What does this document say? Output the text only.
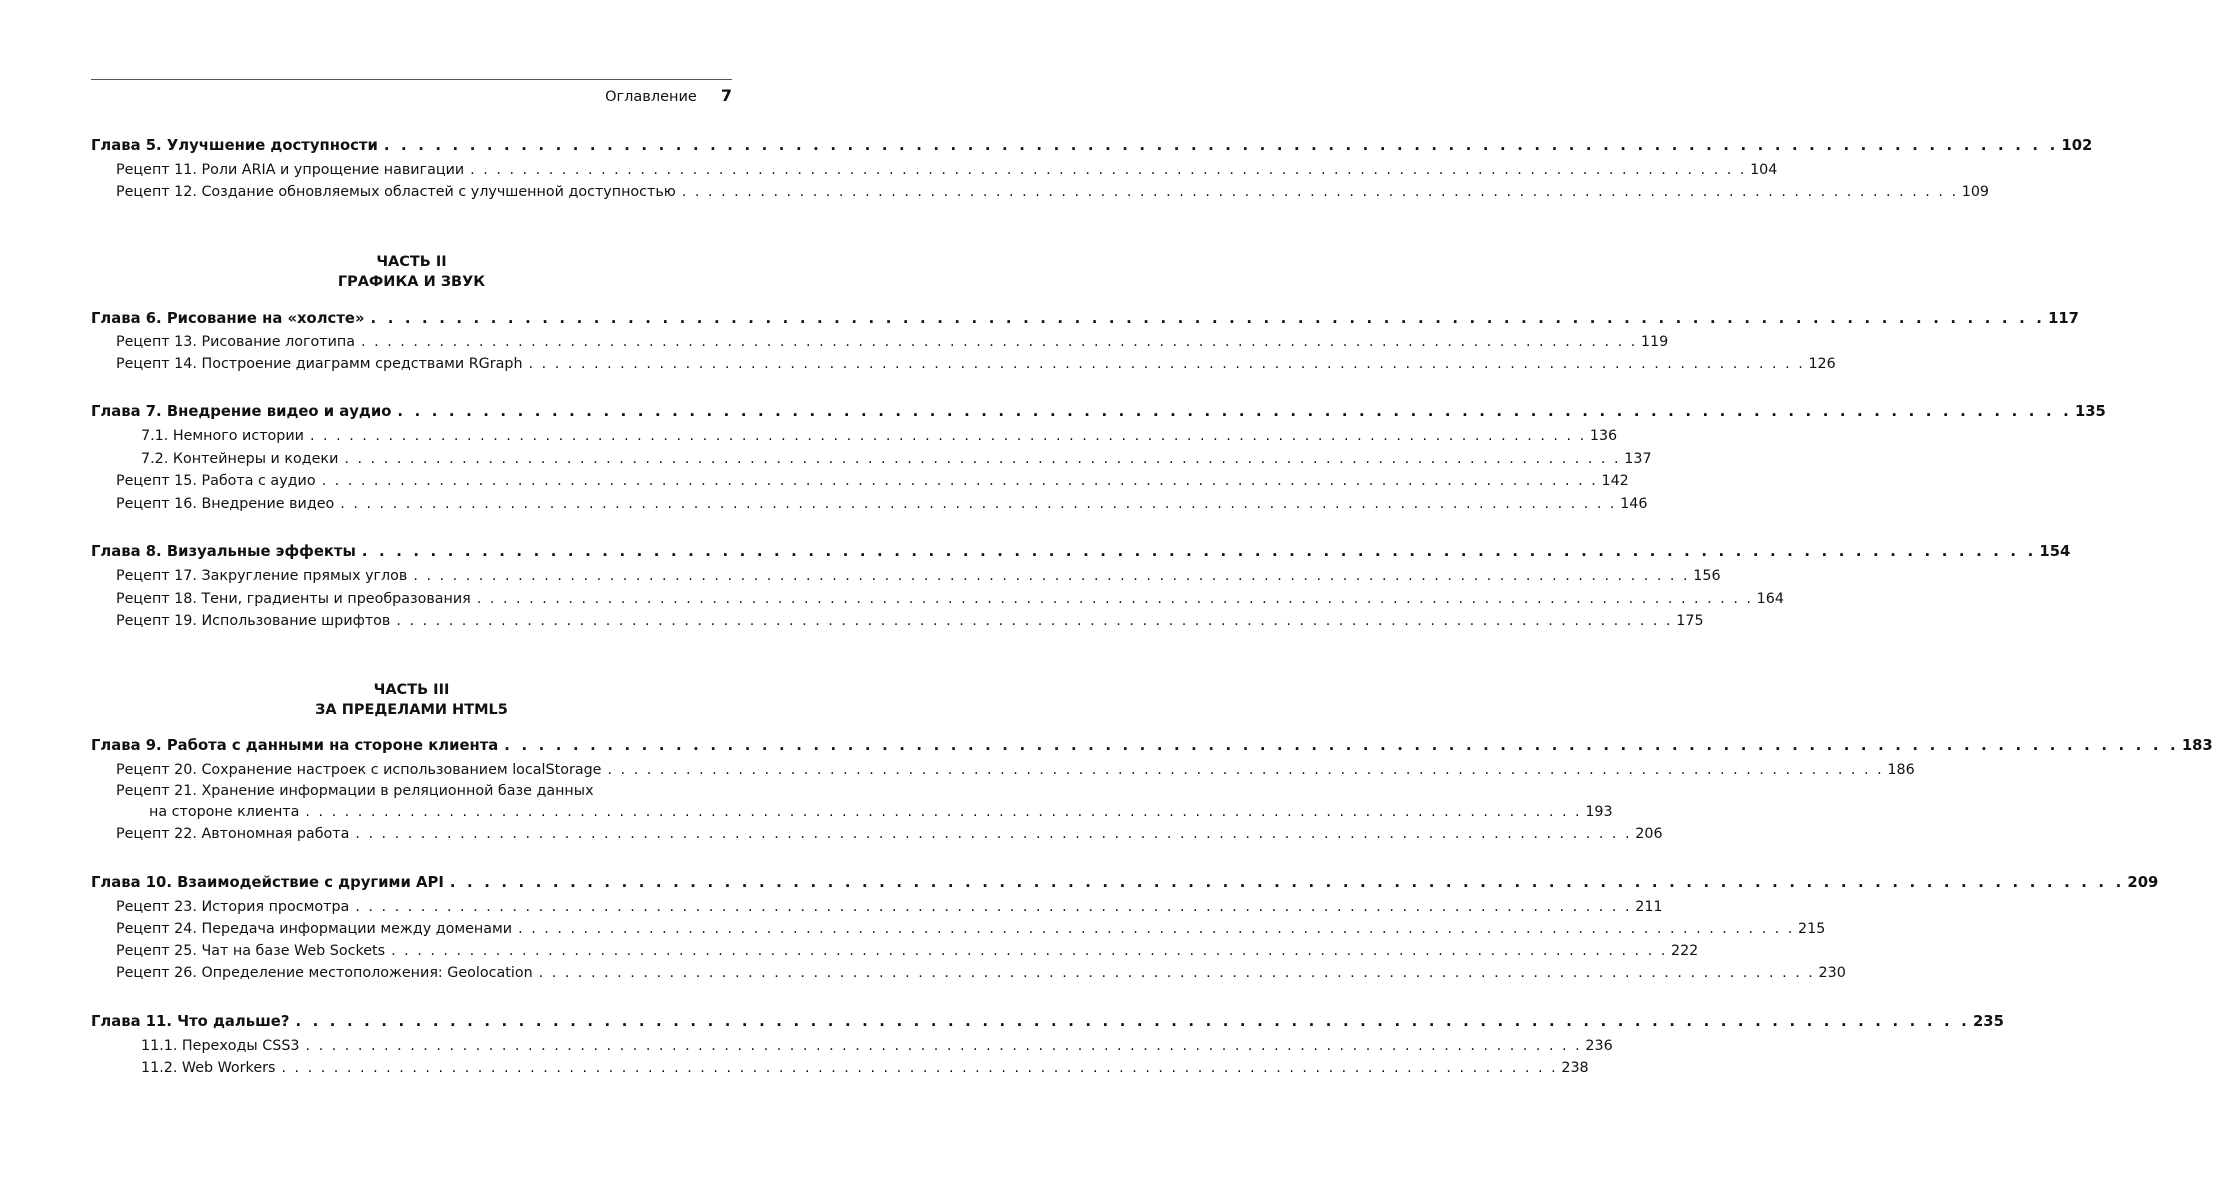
Оглавление 7
Глава 5. Улучшение доступности . . . . . . . . . . . . . . . . . . . . . . . . . . . . . . . . . . . . . . . . . . . . . . . . . . . . . . . . . . . . . . . . . . . . . . . . . . . . . . . . . . . . . . . . . . . . . . . . . . 102
Рецепт 11. Роли ARIA и упрощение навигации . . . . . . . . . . . . . . . . . . . . . . . . . . . . . . . . . . . . . . . . . . . . . . . . . . . . . . . . . . . . . . . . . . . . . . . . . . . . . . . . . . . . . . . . . . . . . . . . . . 104
Рецепт 12. Создание обновляемых областей с улучшенной доступностью . . . . . . . . . . . . . . . . . . . . . . . . . . . . . . . . . . . . . . . . . . . . . . . . . . . . . . . . . . . . . . . . . . . . . . . . . . . . . . . . . . . . . . . . . . . . . . . . . . 109
ЧАСТЬ II
ГРАФИКА И ЗВУК
Глава 6. Рисование на «холсте» . . . . . . . . . . . . . . . . . . . . . . . . . . . . . . . . . . . . . . . . . . . . . . . . . . . . . . . . . . . . . . . . . . . . . . . . . . . . . . . . . . . . . . . . . . . . . . . . . . 117
Рецепт 13. Рисование логотипа . . . . . . . . . . . . . . . . . . . . . . . . . . . . . . . . . . . . . . . . . . . . . . . . . . . . . . . . . . . . . . . . . . . . . . . . . . . . . . . . . . . . . . . . . . . . . . . . . . 119
Рецепт 14. Построение диаграмм средствами RGraph . . . . . . . . . . . . . . . . . . . . . . . . . . . . . . . . . . . . . . . . . . . . . . . . . . . . . . . . . . . . . . . . . . . . . . . . . . . . . . . . . . . . . . . . . . . . . . . . . . 126
Глава 7. Внедрение видео и аудио . . . . . . . . . . . . . . . . . . . . . . . . . . . . . . . . . . . . . . . . . . . . . . . . . . . . . . . . . . . . . . . . . . . . . . . . . . . . . . . . . . . . . . . . . . . . . . . . . . 135
7.1. Немного истории . . . . . . . . . . . . . . . . . . . . . . . . . . . . . . . . . . . . . . . . . . . . . . . . . . . . . . . . . . . . . . . . . . . . . . . . . . . . . . . . . . . . . . . . . . . . . . . . . . 136
7.2. Контейнеры и кодеки . . . . . . . . . . . . . . . . . . . . . . . . . . . . . . . . . . . . . . . . . . . . . . . . . . . . . . . . . . . . . . . . . . . . . . . . . . . . . . . . . . . . . . . . . . . . . . . . . . 137
Рецепт 15. Работа с аудио . . . . . . . . . . . . . . . . . . . . . . . . . . . . . . . . . . . . . . . . . . . . . . . . . . . . . . . . . . . . . . . . . . . . . . . . . . . . . . . . . . . . . . . . . . . . . . . . . . 142
Рецепт 16. Внедрение видео . . . . . . . . . . . . . . . . . . . . . . . . . . . . . . . . . . . . . . . . . . . . . . . . . . . . . . . . . . . . . . . . . . . . . . . . . . . . . . . . . . . . . . . . . . . . . . . . . . 146
Глава 8. Визуальные эффекты . . . . . . . . . . . . . . . . . . . . . . . . . . . . . . . . . . . . . . . . . . . . . . . . . . . . . . . . . . . . . . . . . . . . . . . . . . . . . . . . . . . . . . . . . . . . . . . . . . 154
Рецепт 17. Закругление прямых углов . . . . . . . . . . . . . . . . . . . . . . . . . . . . . . . . . . . . . . . . . . . . . . . . . . . . . . . . . . . . . . . . . . . . . . . . . . . . . . . . . . . . . . . . . . . . . . . . . . 156
Рецепт 18. Тени, градиенты и преобразования . . . . . . . . . . . . . . . . . . . . . . . . . . . . . . . . . . . . . . . . . . . . . . . . . . . . . . . . . . . . . . . . . . . . . . . . . . . . . . . . . . . . . . . . . . . . . . . . . . 164
Рецепт 19. Использование шрифтов . . . . . . . . . . . . . . . . . . . . . . . . . . . . . . . . . . . . . . . . . . . . . . . . . . . . . . . . . . . . . . . . . . . . . . . . . . . . . . . . . . . . . . . . . . . . . . . . . . 175
ЧАСТЬ III
ЗА ПРЕДЕЛАМИ HTML5
Глава 9. Работа с данными на стороне клиента . . . . . . . . . . . . . . . . . . . . . . . . . . . . . . . . . . . . . . . . . . . . . . . . . . . . . . . . . . . . . . . . . . . . . . . . . . . . . . . . . . . . . . . . . . . . . . . . . . 183
Рецепт 20. Сохранение настроек с использованием localStorage . . . . . . . . . . . . . . . . . . . . . . . . . . . . . . . . . . . . . . . . . . . . . . . . . . . . . . . . . . . . . . . . . . . . . . . . . . . . . . . . . . . . . . . . . . . . . . . . . . 186
Рецепт 21. Хранение информации в реляционной базе данных
на стороне клиента . . . . . . . . . . . . . . . . . . . . . . . . . . . . . . . . . . . . . . . . . . . . . . . . . . . . . . . . . . . . . . . . . . . . . . . . . . . . . . . . . . . . . . . . . . . . . . . . . . 193
Рецепт 22. Автономная работа . . . . . . . . . . . . . . . . . . . . . . . . . . . . . . . . . . . . . . . . . . . . . . . . . . . . . . . . . . . . . . . . . . . . . . . . . . . . . . . . . . . . . . . . . . . . . . . . . . 206
Глава 10. Взаимодействие с другими API . . . . . . . . . . . . . . . . . . . . . . . . . . . . . . . . . . . . . . . . . . . . . . . . . . . . . . . . . . . . . . . . . . . . . . . . . . . . . . . . . . . . . . . . . . . . . . . . . . 209
Рецепт 23. История просмотра . . . . . . . . . . . . . . . . . . . . . . . . . . . . . . . . . . . . . . . . . . . . . . . . . . . . . . . . . . . . . . . . . . . . . . . . . . . . . . . . . . . . . . . . . . . . . . . . . . 211
Рецепт 24. Передача информации между доменами . . . . . . . . . . . . . . . . . . . . . . . . . . . . . . . . . . . . . . . . . . . . . . . . . . . . . . . . . . . . . . . . . . . . . . . . . . . . . . . . . . . . . . . . . . . . . . . . . . 215
Рецепт 25. Чат на базе Web Sockets . . . . . . . . . . . . . . . . . . . . . . . . . . . . . . . . . . . . . . . . . . . . . . . . . . . . . . . . . . . . . . . . . . . . . . . . . . . . . . . . . . . . . . . . . . . . . . . . . . 222
Рецепт 26. Определение местоположения: Geolocation . . . . . . . . . . . . . . . . . . . . . . . . . . . . . . . . . . . . . . . . . . . . . . . . . . . . . . . . . . . . . . . . . . . . . . . . . . . . . . . . . . . . . . . . . . . . . . . . . . 230
Глава 11. Что дальше? . . . . . . . . . . . . . . . . . . . . . . . . . . . . . . . . . . . . . . . . . . . . . . . . . . . . . . . . . . . . . . . . . . . . . . . . . . . . . . . . . . . . . . . . . . . . . . . . . . 235
11.1. Переходы CSS3 . . . . . . . . . . . . . . . . . . . . . . . . . . . . . . . . . . . . . . . . . . . . . . . . . . . . . . . . . . . . . . . . . . . . . . . . . . . . . . . . . . . . . . . . . . . . . . . . . . 236
11.2. Web Workers . . . . . . . . . . . . . . . . . . . . . . . . . . . . . . . . . . . . . . . . . . . . . . . . . . . . . . . . . . . . . . . . . . . . . . . . . . . . . . . . . . . . . . . . . . . . . . . . . . 238
